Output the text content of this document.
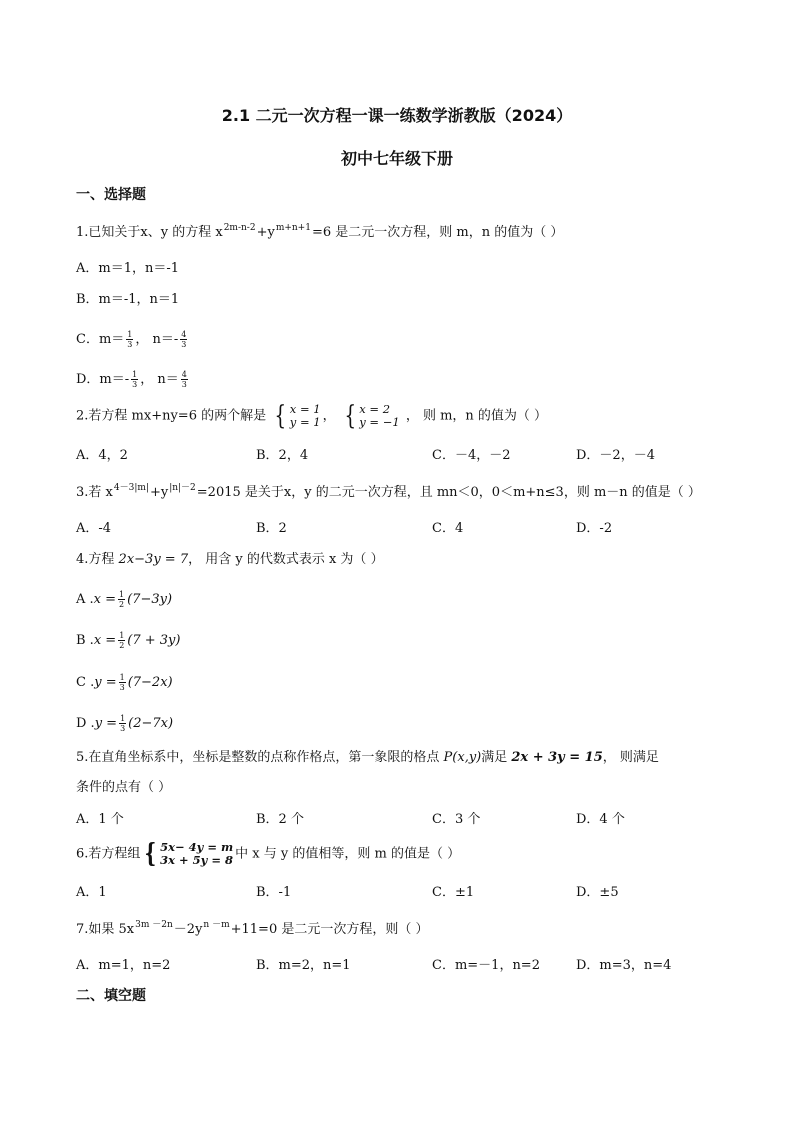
2.1 二元一次方程一课一练数学浙教版（2024）
初中七年级下册
一、选择题
1.已知关于x、y 的方程 $x^{2m-n-2}+y^{m+n+1}=6$ 是二元一次方程，则 m，n 的值为（ ）
A．m＝1，n＝-1
B．m＝-1，n＝1
C．$m= \frac{1}{3}$ ， $n=- \frac{4}{3}$
D．$m=- \frac{1}{3}$ ， $n= \frac{4}{3}$
2.若方程 mx+ny=6 的两个解是 { x = 1
y = 1 ， { x = 2
y = −1 ， 则 m，n 的值为（ ）
A．4，2	B．2，4	C．－4，－2	D．－2，－4
3.若 $x^{4-3|m|}+y^{|n|-2}=2015$ 是关于x，y 的二元一次方程，且 mn＜0，0＜m+n≤3，则 m－n 的值是（ ）
A．-4	B．2	C．4	D．-2
4.方程 2x−3y = 7， 用含 y 的代数式表示 x 为（ ）
A $.x = \frac{1}{2} (7-3y)$
B $.x = \frac{1}{2} (7 + 3y)$
C $.y = \frac{1}{3} (7-2x)$
D $.y = \frac{1}{3} (2-7x)$
5.在直角坐标系中，坐标是整数的点称作格点，第一象限的格点 P(x,y)满足 2x + 3y = 15， 则满足
条件的点有（ ）
A．1 个	B．2 个	C．3 个	D．4 个
6.若方程组 { 5x− 4y = m
3x + 5y = 8 中 x 与 y 的值相等，则 m 的值是（ ）
A．1	B．-1	C．±1	D．±5
7.如果 $5x^{3m -2n}-2y^{n -m}+11=0$ 是二元一次方程，则（ ）
A．m=1，n=2	B．m=2，n=1	C．m=－1，n=2	D．m=3，n=4
二、填空题
